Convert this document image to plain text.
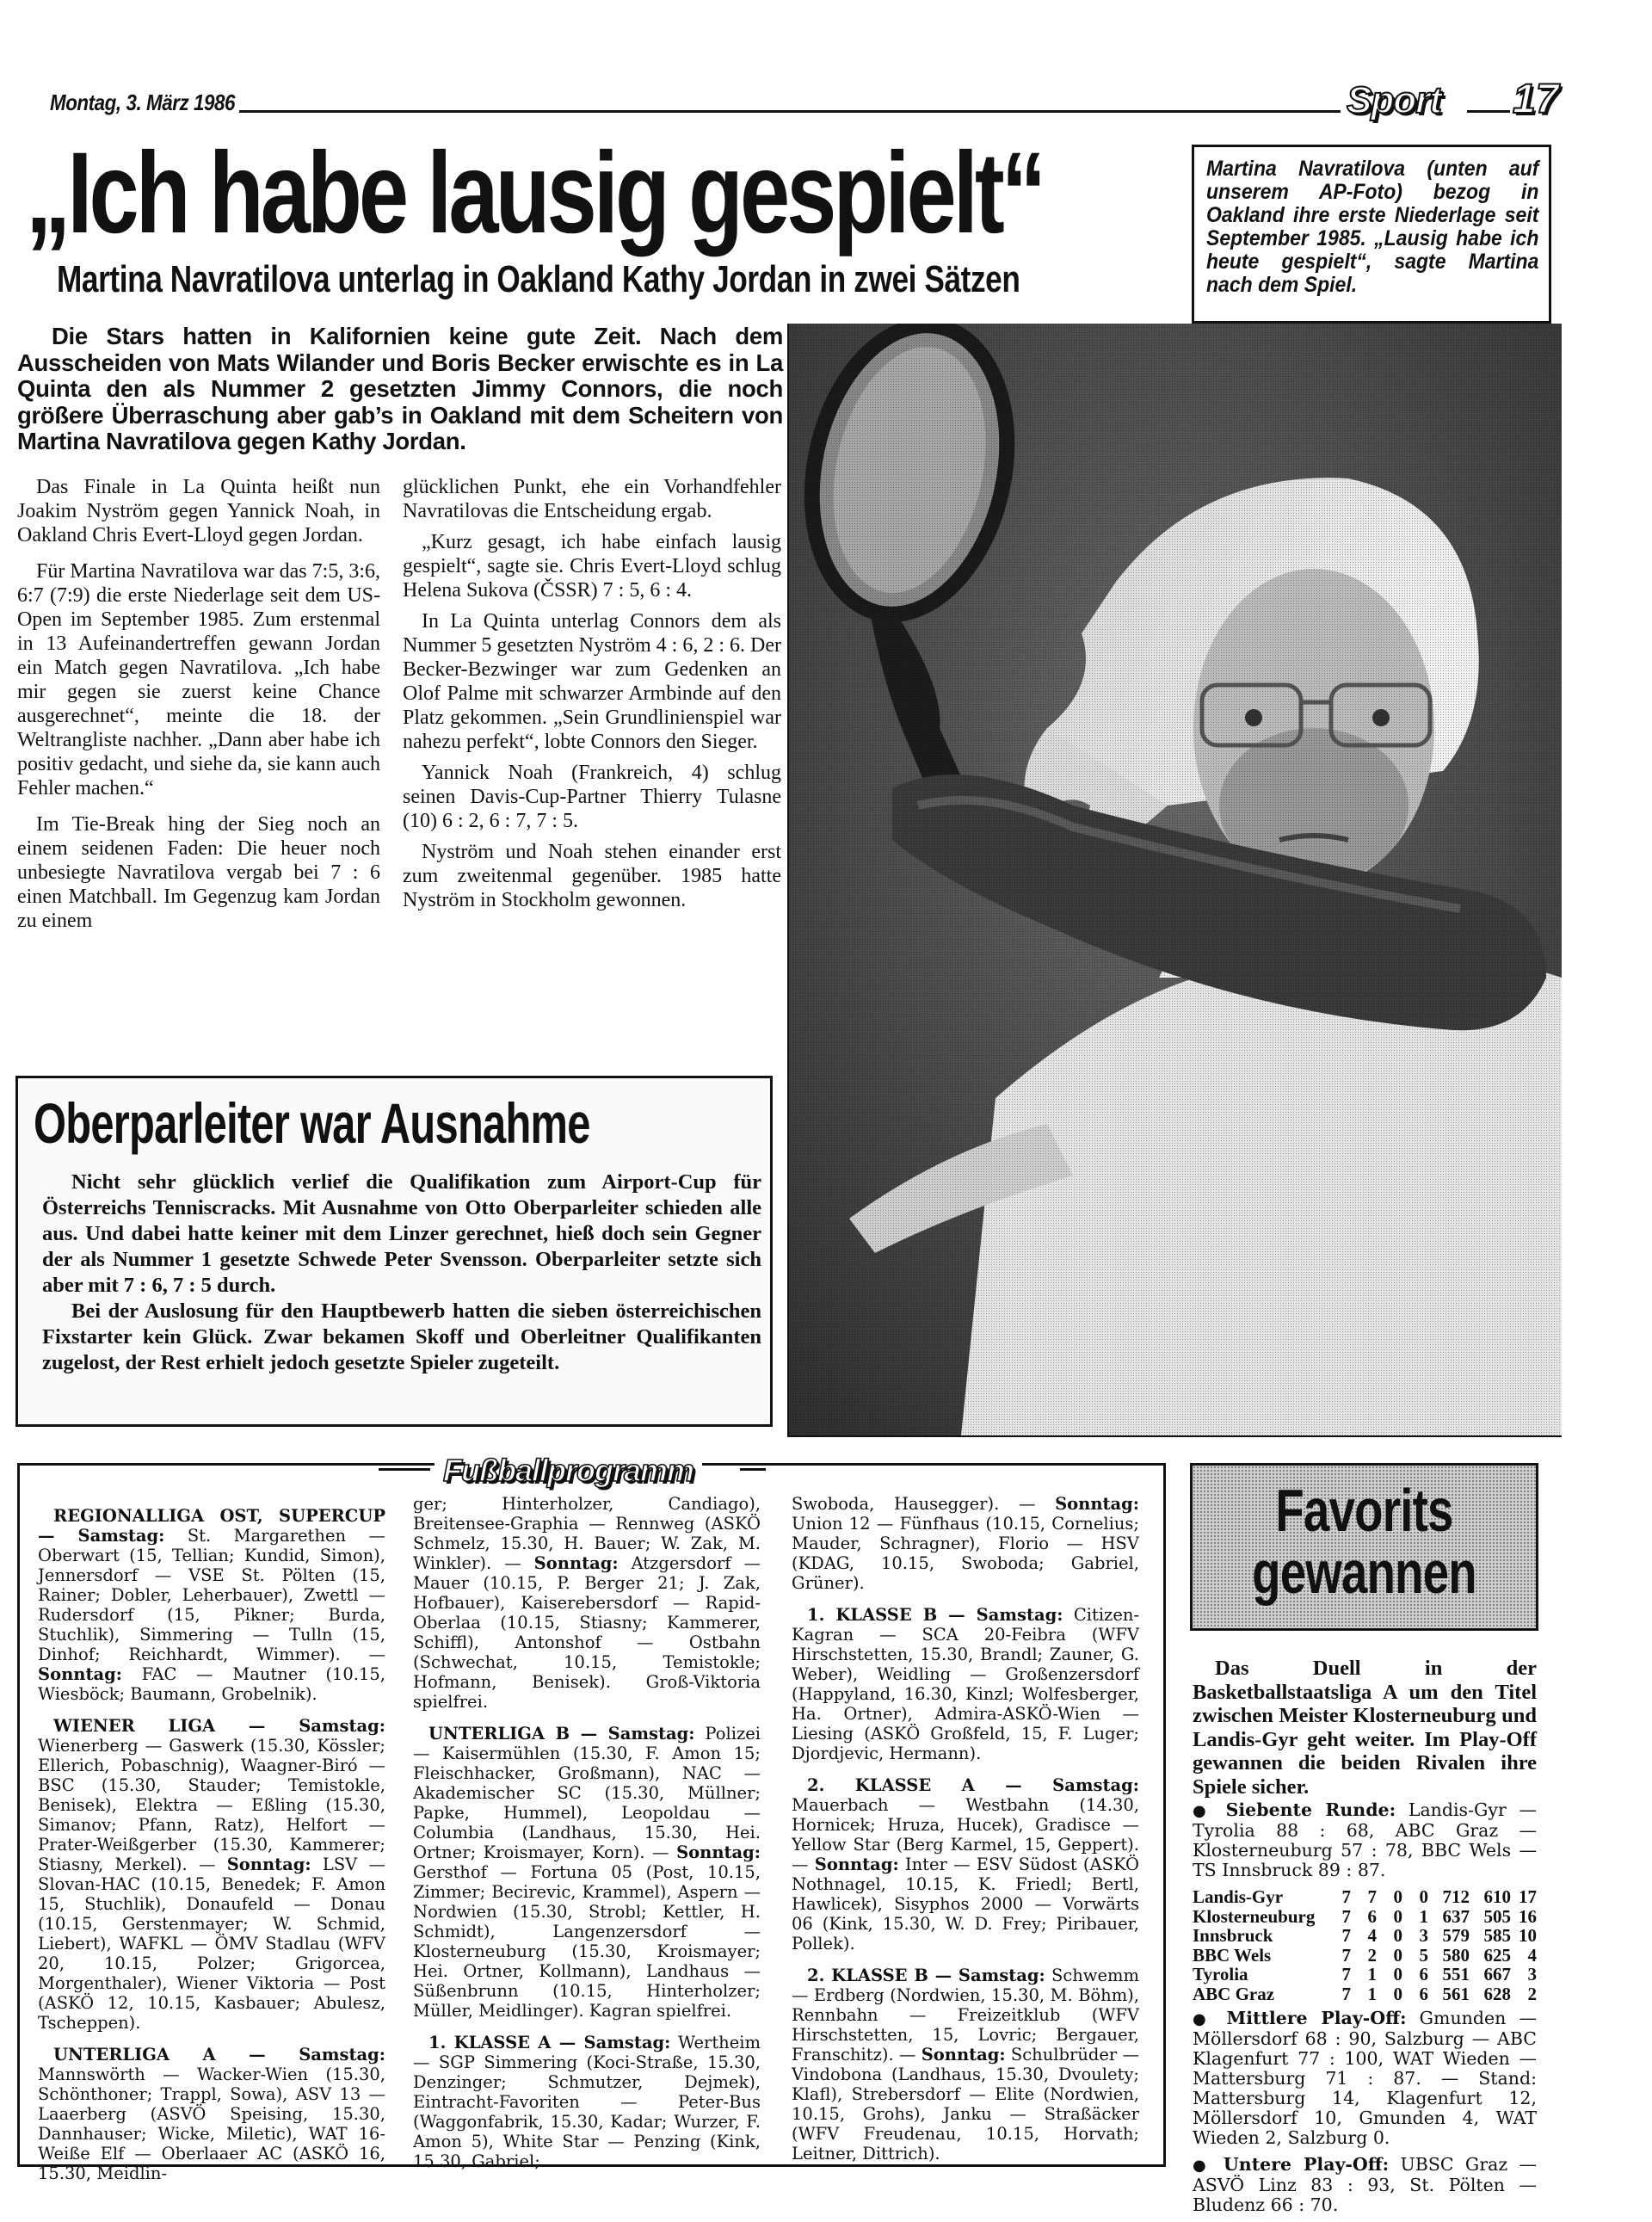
Montag, 3. März 1986	Sport 17
„Ich habe lausig gespielt“
Martina Navratilova unterlag in Oakland Kathy Jordan in zwei Sätzen

Martina Navratilova (unten auf unserem AP-Foto) bezog in Oakland ihre erste Niederlage seit September 1985. „Lausig habe ich heute gespielt“, sagte Martina nach dem Spiel.

Die Stars hatten in Kalifornien keine gute Zeit. Nach dem Ausscheiden von Mats Wilander und Boris Becker erwischte es in La Quinta den als Nummer 2 gesetzten Jimmy Connors, die noch größere Überraschung aber gab’s in Oakland mit dem Scheitern von Martina Navratilova gegen Kathy Jordan.

Das Finale in La Quinta heißt nun Joakim Nyström gegen Yannick Noah, in Oakland Chris Evert-Lloyd gegen Jordan.

Für Martina Navratilova war das 7:5, 3:6, 6:7 (7:9) die erste Niederlage seit dem US-Open im September 1985. Zum erstenmal in 13 Aufeinandertreffen gewann Jordan ein Match gegen Navratilova. „Ich habe mir gegen sie zuerst keine Chance ausgerechnet“, meinte die 18. der Weltrangliste nachher. „Dann aber habe ich positiv gedacht, und siehe da, sie kann auch Fehler machen.“

Im Tie-Break hing der Sieg noch an einem seidenen Faden: Die heuer noch unbesiegte Navratilova vergab bei 7 : 6 einen Matchball. Im Gegenzug kam Jordan zu einem

glücklichen Punkt, ehe ein Vorhandfehler Navratilovas die Entscheidung ergab.

„Kurz gesagt, ich habe einfach lausig gespielt“, sagte sie. Chris Evert-Lloyd schlug Helena Sukova (ČSSR) 7 : 5, 6 : 4.

In La Quinta unterlag Connors dem als Nummer 5 gesetzten Nyström 4 : 6, 2 : 6. Der Becker-Bezwinger war zum Gedenken an Olof Palme mit schwarzer Armbinde auf den Platz gekommen. „Sein Grundlinienspiel war nahezu perfekt“, lobte Connors den Sieger.

Yannick Noah (Frankreich, 4) schlug seinen Davis-Cup-Partner Thierry Tulasne (10) 6 : 2, 6 : 7, 7 : 5.

Nyström und Noah stehen einander erst zum zweitenmal gegenüber. 1985 hatte Nyström in Stockholm gewonnen.

Oberparleiter war Ausnahme

Nicht sehr glücklich verlief die Qualifikation zum Airport-Cup für Österreichs Tenniscracks. Mit Ausnahme von Otto Oberparleiter schieden alle aus. Und dabei hatte keiner mit dem Linzer gerechnet, hieß doch sein Gegner der als Nummer 1 gesetzte Schwede Peter Svensson. Oberparleiter setzte sich aber mit 7 : 6, 7 : 5 durch.

Bei der Auslosung für den Hauptbewerb hatten die sieben österreichischen Fixstarter kein Glück. Zwar bekamen Skoff und Oberleitner Qualifikanten zugelost, der Rest erhielt jedoch gesetzte Spieler zugeteilt.

Fußballprogramm

REGIONALLIGA OST, SUPERCUP — Samstag: St. Margarethen — Oberwart (15, Tellian; Kundid, Simon), Jennersdorf — VSE St. Pölten (15, Rainer; Dobler, Leherbauer), Zwettl — Rudersdorf (15, Pikner; Burda, Stuchlik), Simmering — Tulln (15, Dinhof; Reichhardt, Wimmer). — Sonntag: FAC — Mautner (10.15, Wiesböck; Baumann, Grobelnik).

WIENER LIGA — Samstag: Wienerberg — Gaswerk (15.30, Kössler; Ellerich, Pobaschnig), Waagner-Biró — BSC (15.30, Stauder; Temistokle, Benisek), Elektra — Eßling (15.30, Simanov; Pfann, Ratz), Helfort — Prater-Weißgerber (15.30, Kammerer; Stiasny, Merkel). — Sonntag: LSV — Slovan-HAC (10.15, Benedek; F. Amon 15, Stuchlik), Donaufeld — Donau (10.15, Gerstenmayer; W. Schmid, Liebert), WAFKL — ÖMV Stadlau (WFV 20, 10.15, Polzer; Grigorcea, Morgenthaler), Wiener Viktoria — Post (ASKÖ 12, 10.15, Kasbauer; Abulesz, Tscheppen).

UNTERLIGA A — Samstag: Mannswörth — Wacker-Wien (15.30, Schönthoner; Trappl, Sowa), ASV 13 — Laaerberg (ASVÖ Speising, 15.30, Dannhauser; Wicke, Miletic), WAT 16-Weiße Elf — Oberlaaer AC (ASKÖ 16, 15.30, Meidlin-

ger; Hinterholzer, Candiago), Breitensee-Graphia — Rennweg (ASKÖ Schmelz, 15.30, H. Bauer; W. Zak, M. Winkler). — Sonntag: Atzgersdorf — Mauer (10.15, P. Berger 21; J. Zak, Hofbauer), Kaiserebersdorf — Rapid-Oberlaa (10.15, Stiasny; Kammerer, Schiffl), Antonshof — Ostbahn (Schwechat, 10.15, Temistokle; Hofmann, Benisek). Groß-Viktoria spielfrei.

UNTERLIGA B — Samstag: Polizei — Kaisermühlen (15.30, F. Amon 15; Fleischhacker, Großmann), NAC — Akademischer SC (15.30, Müllner; Papke, Hummel), Leopoldau — Columbia (Landhaus, 15.30, Hei. Ortner; Kroismayer, Korn). — Sonntag: Gersthof — Fortuna 05 (Post, 10.15, Zimmer; Becirevic, Krammel), Aspern — Nordwien (15.30, Strobl; Kettler, H. Schmidt), Langenzersdorf — Klosterneuburg (15.30, Kroismayer; Hei. Ortner, Kollmann), Landhaus — Süßenbrunn (10.15, Hinterholzer; Müller, Meidlinger). Kagran spielfrei.

1. KLASSE A — Samstag: Wertheim — SGP Simmering (Koci-Straße, 15.30, Denzinger; Schmutzer, Dejmek), Eintracht-Favoriten — Peter-Bus (Waggonfabrik, 15.30, Kadar; Wurzer, F. Amon 5), White Star — Penzing (Kink, 15.30, Gabriel;

Swoboda, Hausegger). — Sonntag: Union 12 — Fünfhaus (10.15, Cornelius; Mauder, Schragner), Florio — HSV (KDAG, 10.15, Swoboda; Gabriel, Grüner).

1. KLASSE B — Samstag: Citizen-Kagran — SCA 20-Feibra (WFV Hirschstetten, 15.30, Brandl; Zauner, G. Weber), Weidling — Großenzersdorf (Happyland, 16.30, Kinzl; Wolfesberger, Ha. Ortner), Admira-ASKÖ-Wien — Liesing (ASKÖ Großfeld, 15, F. Luger; Djordjevic, Hermann).

2. KLASSE A — Samstag: Mauerbach — Westbahn (14.30, Hornicek; Hruza, Hucek), Gradisce — Yellow Star (Berg Karmel, 15, Geppert). — Sonntag: Inter — ESV Südost (ASKÖ Nothnagel, 10.15, K. Friedl; Bertl, Hawlicek), Sisyphos 2000 — Vorwärts 06 (Kink, 15.30, W. D. Frey; Piribauer, Pollek).

2. KLASSE B — Samstag: Schwemm — Erdberg (Nordwien, 15.30, M. Böhm), Rennbahn — Freizeitklub (WFV Hirschstetten, 15, Lovric; Bergauer, Franschitz). — Sonntag: Schulbrüder — Vindobona (Landhaus, 15.30, Dvoulety; Klafl), Strebersdorf — Elite (Nordwien, 10.15, Grohs), Janku — Straßäcker (WFV Freudenau, 10.15, Horvath; Leitner, Dittrich).

Favorits
gewannen

Das Duell in der Basketballstaatsliga A um den Titel zwischen Meister Klosterneuburg und Landis-Gyr geht weiter. Im Play-Off gewannen die beiden Rivalen ihre Spiele sicher.

● Siebente Runde: Landis-Gyr — Tyrolia 88 : 68, ABC Graz — Klosterneuburg 57 : 78, BBC Wels — TS Innsbruck 89 : 87.

Landis-Gyr	7	7	0	0	712	610	17
Klosterneuburg	7	6	0	1	637	505	16
Innsbruck	7	4	0	3	579	585	10
BBC Wels	7	2	0	5	580	625	4
Tyrolia	7	1	0	6	551	667	3
ABC Graz	7	1	0	6	561	628	2

● Mittlere Play-Off: Gmunden — Möllersdorf 68 : 90, Salzburg — ABC Klagenfurt 77 : 100, WAT Wieden — Mattersburg 71 : 87. — Stand: Mattersburg 14, Klagenfurt 12, Möllersdorf 10, Gmunden 4, WAT Wieden 2, Salzburg 0.

● Untere Play-Off: UBSC Graz — ASVÖ Linz 83 : 93, St. Pölten — Bludenz 66 : 70.
